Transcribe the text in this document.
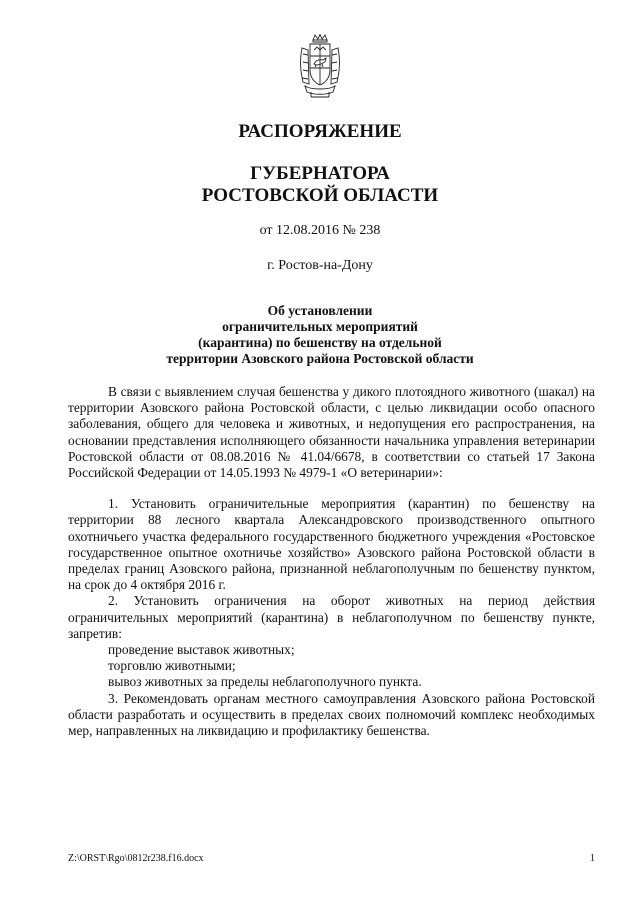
РАСПОРЯЖЕНИЕ
ГУБЕРНАТОРА
РОСТОВСКОЙ ОБЛАСТИ
от 12.08.2016 № 238
г. Ростов-на-Дону
Об установлении
ограничительных мероприятий
(карантина) по бешенству на отдельной
территории Азовского района Ростовской области

В связи с выявлением случая бешенства у дикого плотоядного животного (шакал) на территории Азовского района Ростовской области, с целью ликвидации особо опасного заболевания, общего для человека и животных, и недопущения его распространения, на основании представления исполняющего обязанности начальника управления ветеринарии Ростовской области от 08.08.2016 № 41.04/6678, в соответствии со статьей 17 Закона Российской Федерации от 14.05.1993 № 4979-1 «О ветеринарии»:

1. Установить ограничительные мероприятия (карантин) по бешенству на территории 88 лесного квартала Александровского производственного опытного охотничьего участка федерального государственного бюджетного учреждения «Ростовское государственное опытное охотничье хозяйство» Азовского района Ростовской области в пределах границ Азовского района, признанной неблагополучным по бешенству пунктом, на срок до 4 октября 2016 г.

2. Установить ограничения на оборот животных на период действия ограничительных мероприятий (карантина) в неблагополучном по бешенству пункте, запретив:

проведение выставок животных;

торговлю животными;

вывоз животных за пределы неблагополучного пункта.

3. Рекомендовать органам местного самоуправления Азовского района Ростовской области разработать и осуществить в пределах своих полномочий комплекс необходимых мер, направленных на ликвидацию и профилактику бешенства.

Z:\ORST\Rgo\0812r238.f16.docx	1
